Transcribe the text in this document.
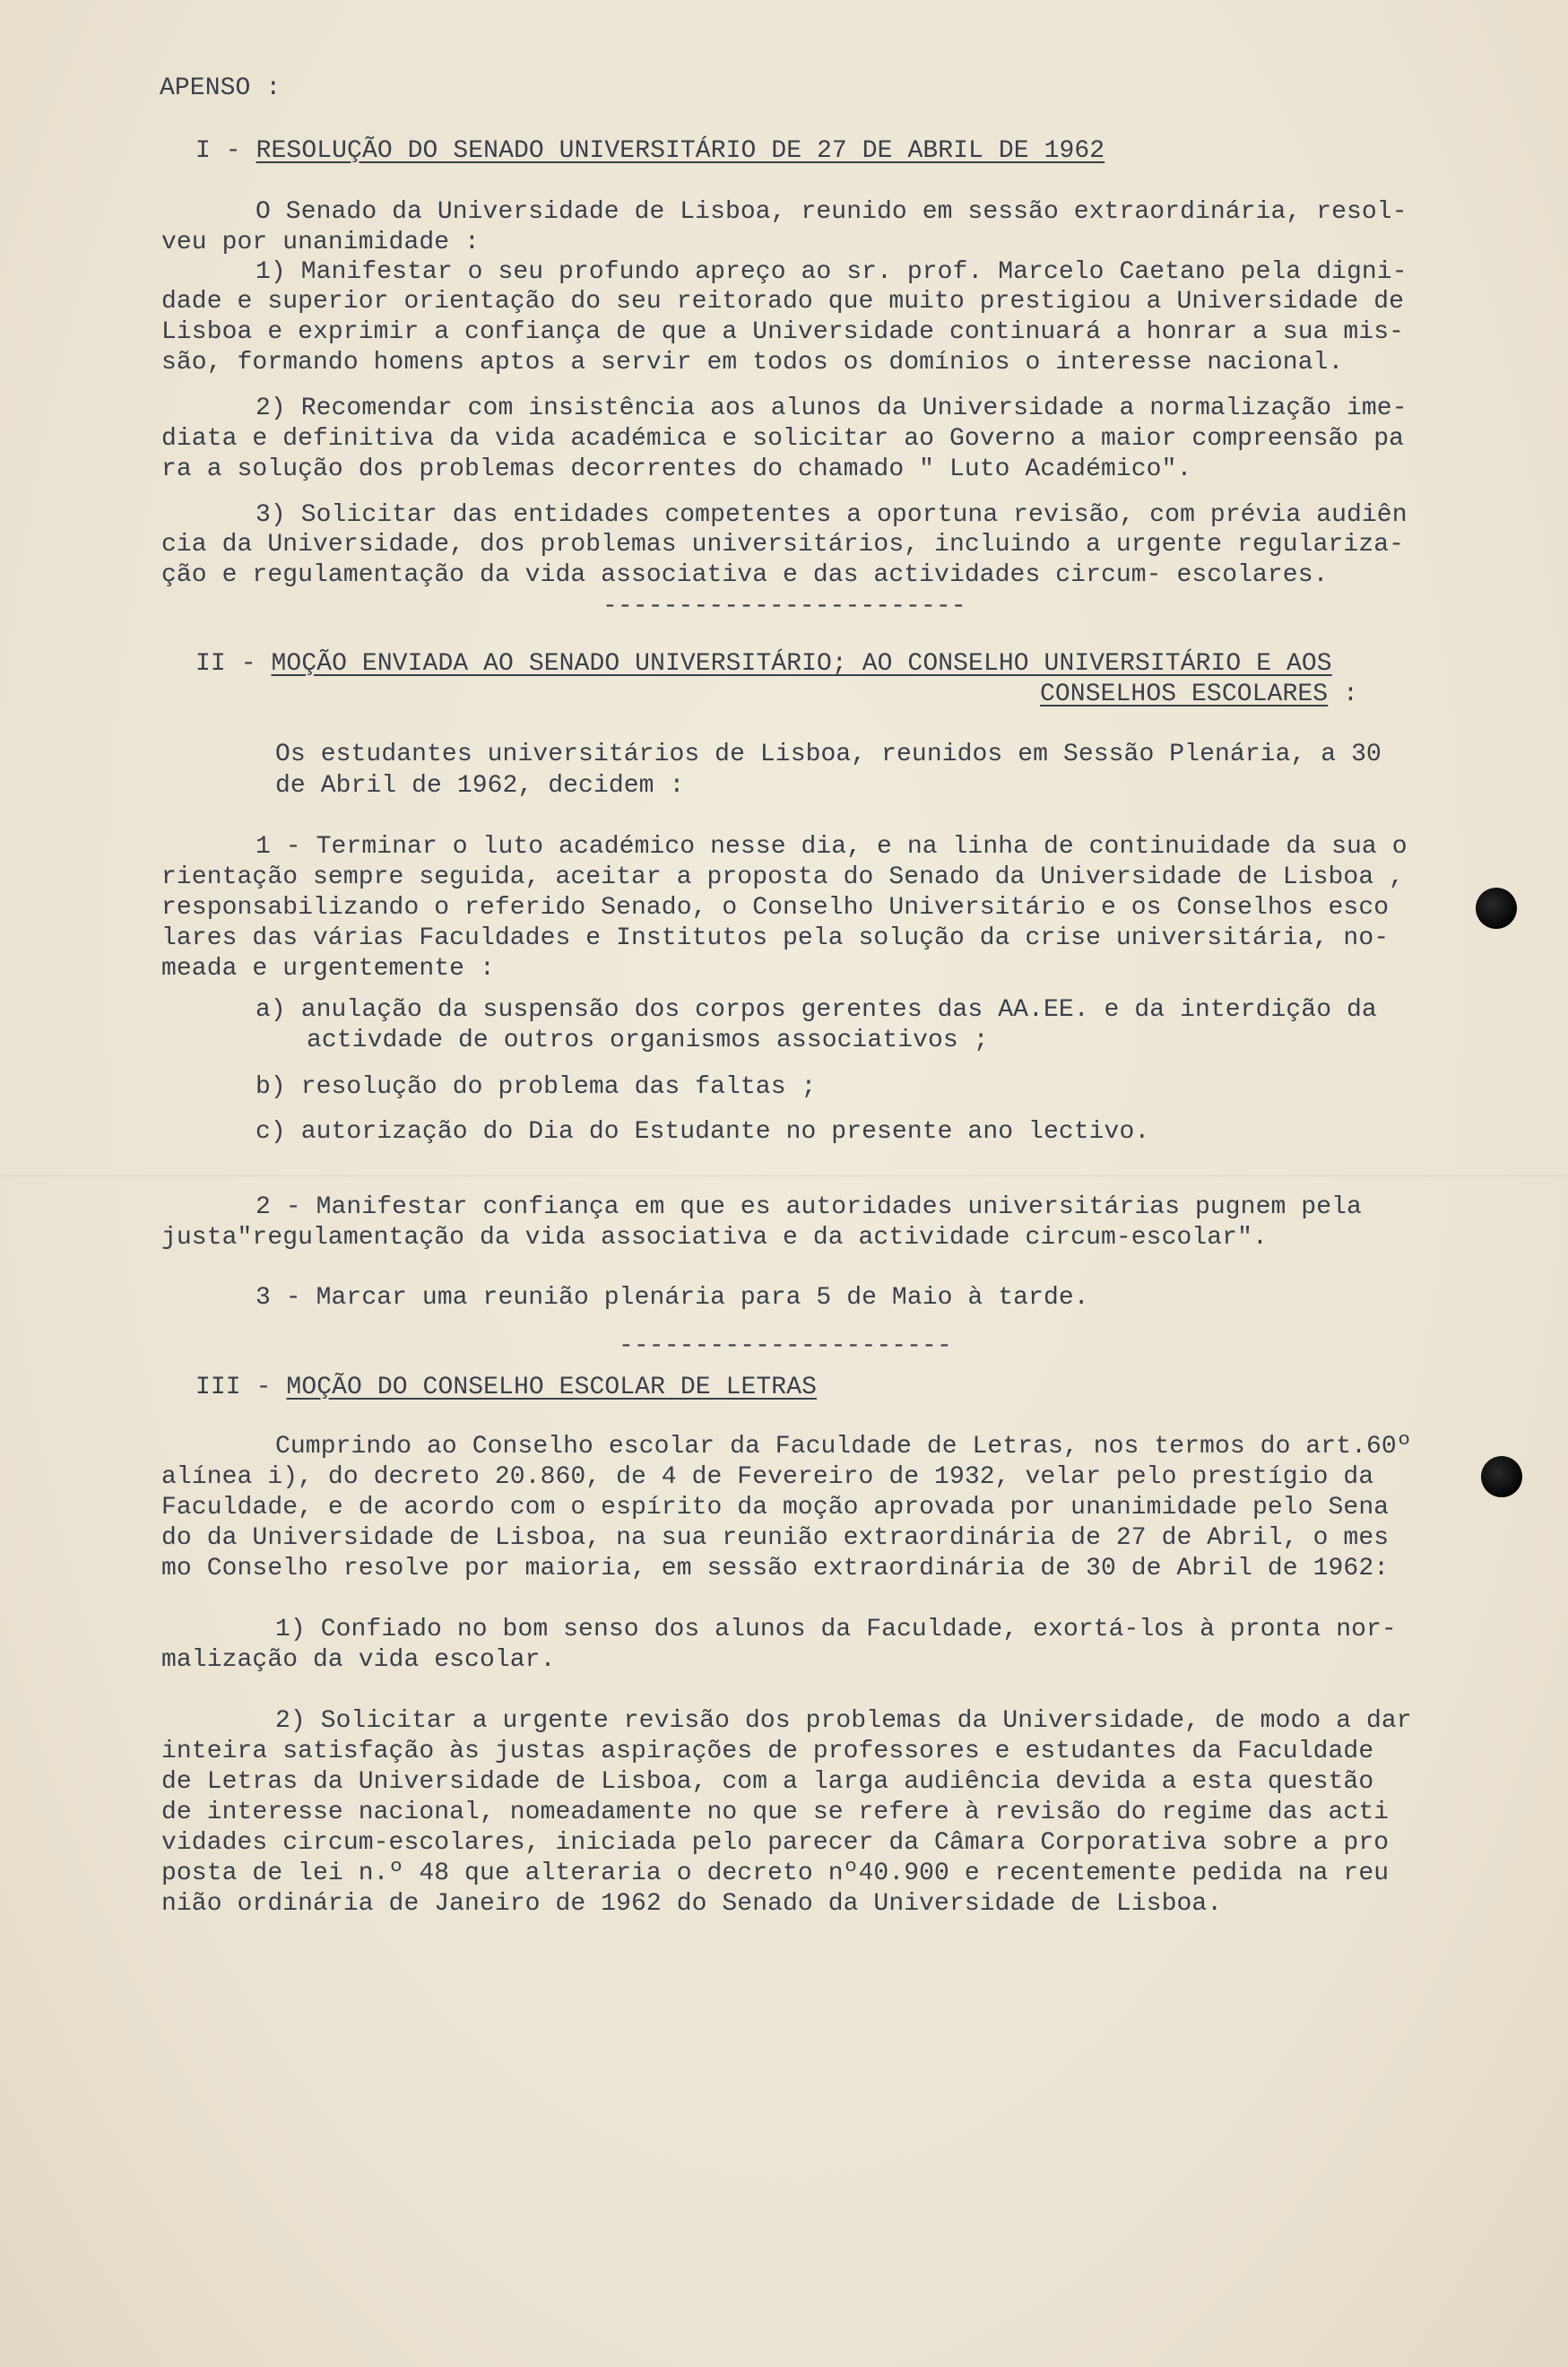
APENSO :
I - RESOLUÇÃO DO SENADO UNIVERSITÁRIO DE 27 DE ABRIL DE 1962
O Senado da Universidade de Lisboa, reunido em sessão extraordinária, resol-
veu por unanimidade :
1) Manifestar o seu profundo apreço ao sr. prof. Marcelo Caetano pela digni-
dade e superior orientação do seu reitorado que muito prestigiou a Universidade de
Lisboa e exprimir a confiança de que a Universidade continuará a honrar a sua mis-
são, formando homens aptos a servir em todos os domínios o interesse nacional.
2) Recomendar com insistência aos alunos da Universidade a normalização ime-
diata e definitiva da vida académica e solicitar ao Governo a maior compreensão pa
ra a solução dos problemas decorrentes do chamado " Luto Académico".
3) Solicitar das entidades competentes a oportuna revisão, com prévia audiên
cia da Universidade, dos problemas universitários, incluindo a urgente regulariza-
ção e regulamentação da vida associativa e das actividades circum- escolares.
------------------------
II - MOÇÃO ENVIADA AO SENADO UNIVERSITÁRIO; AO CONSELHO UNIVERSITÁRIO E AOS
CONSELHOS ESCOLARES :
Os estudantes universitários de Lisboa, reunidos em Sessão Plenária, a 30
de Abril de 1962, decidem :
1 - Terminar o luto académico nesse dia, e na linha de continuidade da sua o
rientação sempre seguida, aceitar a proposta do Senado da Universidade de Lisboa ,
responsabilizando o referido Senado, o Conselho Universitário e os Conselhos esco
lares das várias Faculdades e Institutos pela solução da crise universitária, no-
meada e urgentemente :
a) anulação da suspensão dos corpos gerentes das AA.EE. e da interdição da
activdade de outros organismos associativos ;
b) resolução do problema das faltas ;
c) autorização do Dia do Estudante no presente ano lectivo.
2 - Manifestar confiança em que es autoridades universitárias pugnem pela
justa"regulamentação da vida associativa e da actividade circum-escolar".
3 - Marcar uma reunião plenária para 5 de Maio à tarde.
----------------------
III - MOÇÃO DO CONSELHO ESCOLAR DE LETRAS
Cumprindo ao Conselho escolar da Faculdade de Letras, nos termos do art.60º
alínea i), do decreto 20.860, de 4 de Fevereiro de 1932, velar pelo prestígio da
Faculdade, e de acordo com o espírito da moção aprovada por unanimidade pelo Sena
do da Universidade de Lisboa, na sua reunião extraordinária de 27 de Abril, o mes
mo Conselho resolve por maioria, em sessão extraordinária de 30 de Abril de 1962:
1) Confiado no bom senso dos alunos da Faculdade, exortá-los à pronta nor-
malização da vida escolar.
2) Solicitar a urgente revisão dos problemas da Universidade, de modo a dar
inteira satisfação às justas aspirações de professores e estudantes da Faculdade
de Letras da Universidade de Lisboa, com a larga audiência devida a esta questão
de interesse nacional, nomeadamente no que se refere à revisão do regime das acti
vidades circum-escolares, iniciada pelo parecer da Câmara Corporativa sobre a pro
posta de lei n.º 48 que alteraria o decreto nº40.900 e recentemente pedida na reu
nião ordinária de Janeiro de 1962 do Senado da Universidade de Lisboa.
